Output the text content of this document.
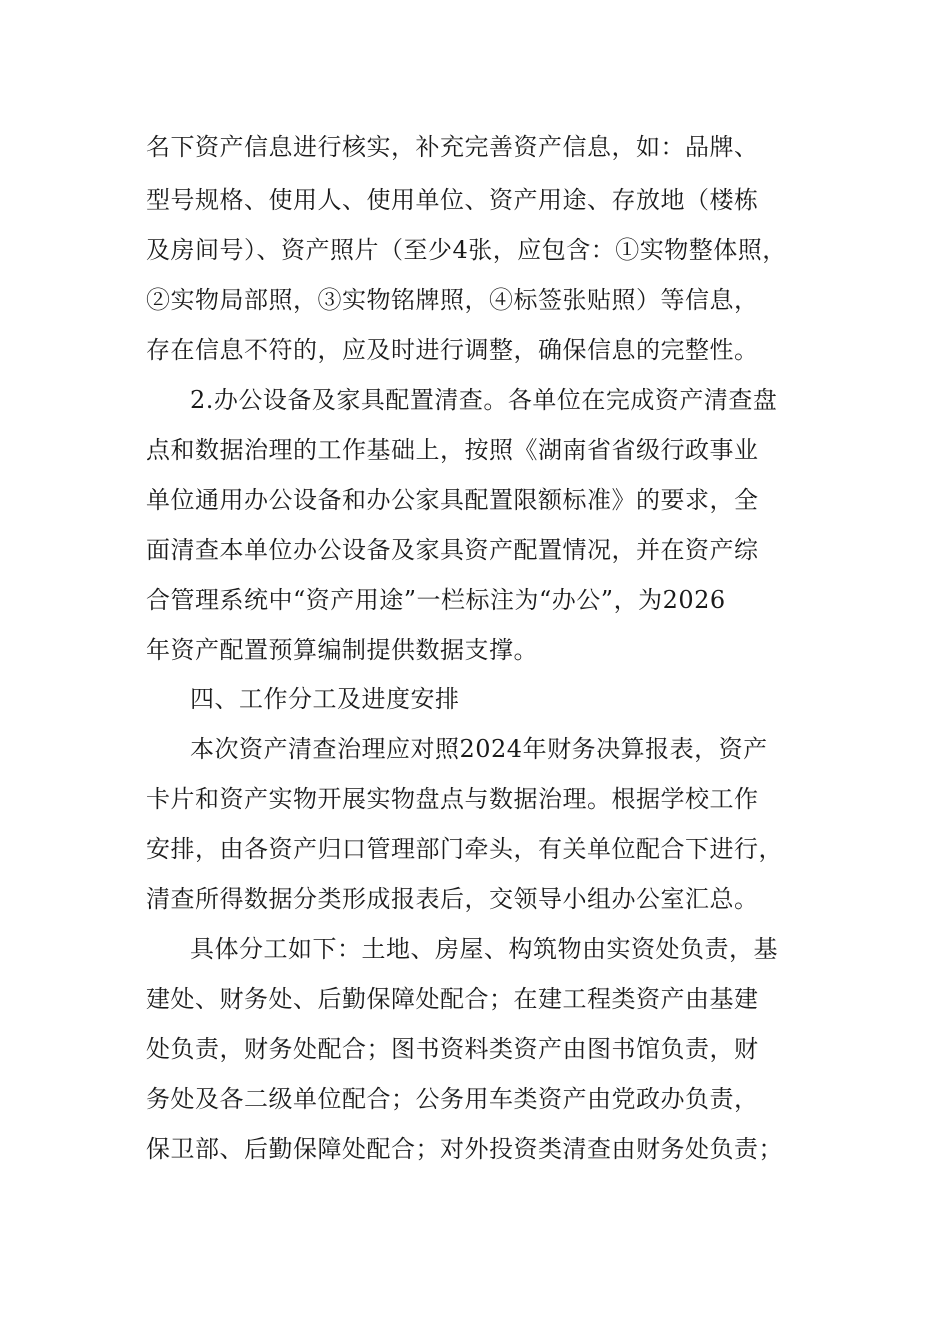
名下资产信息进行核实，补充完善资产信息，如：品牌、
型号规格、使用人、使用单位、资产用途、存放地（楼栋
及房间号）、资产照片（至少4张，应包含：①实物整体照，
②实物局部照，③实物铭牌照，④标签张贴照）等信息，
存在信息不符的，应及时进行调整，确保信息的完整性。
2.办公设备及家具配置清查。各单位在完成资产清查盘
点和数据治理的工作基础上，按照《湖南省省级行政事业
单位通用办公设备和办公家具配置限额标准》的要求，全
面清查本单位办公设备及家具资产配置情况，并在资产综
合管理系统中“资产用途”一栏标注为“办公”，为2026
年资产配置预算编制提供数据支撑。
四、工作分工及进度安排
本次资产清查治理应对照2024年财务决算报表，资产
卡片和资产实物开展实物盘点与数据治理。根据学校工作
安排，由各资产归口管理部门牵头，有关单位配合下进行，
清查所得数据分类形成报表后，交领导小组办公室汇总。
具体分工如下：土地、房屋、构筑物由实资处负责，基
建处、财务处、后勤保障处配合；在建工程类资产由基建
处负责，财务处配合；图书资料类资产由图书馆负责，财
务处及各二级单位配合；公务用车类资产由党政办负责，
保卫部、后勤保障处配合；对外投资类清查由财务处负责；
